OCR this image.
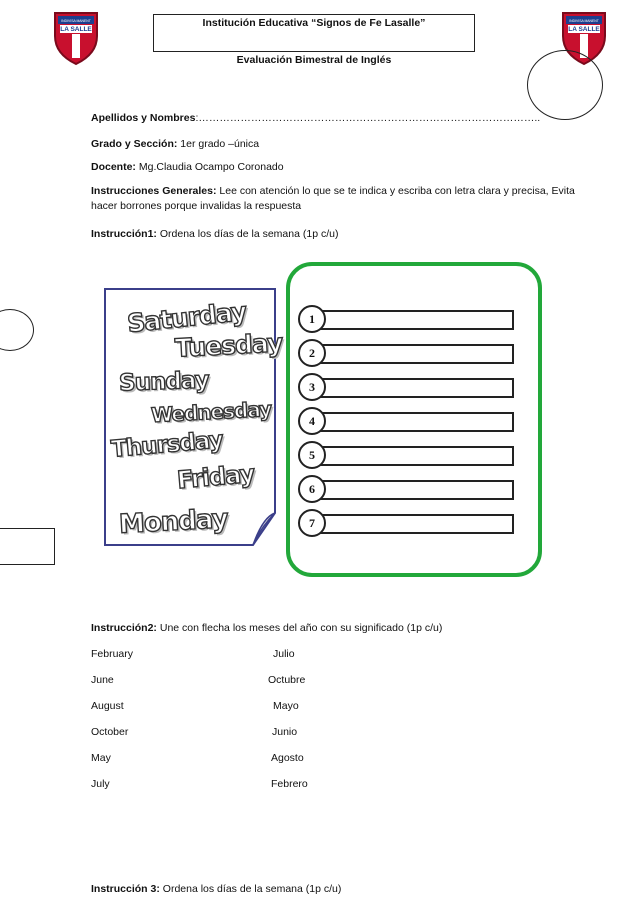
LA SALLE
INDIVISA MANENT	Institución Educativa “Signos de Fe Lasalle”
Evaluación Bimestral de Inglés
LA SALLE
INDIVISA MANENT
Apellidos y Nombres:……………………………………………………………………………………..
Grado y Sección: 1er grado –única
Docente: Mg.Claudia Ocampo Coronado
Instrucciones Generales: Lee con atención lo que se te indica y escriba con letra clara y precisa, Evita
hacer borrones porque invalidas la respuesta
Instrucción1: Ordena los días de la semana (1p c/u)
Saturday
Tuesday
Sunday
Wednesday
Thursday
Friday
Monday
1
2
3
4
5
6
7
Instrucción2: Une con flecha los meses del año con su significado (1p c/u)
February
June
August
October
May
July
Julio
Octubre
Mayo
Junio
Agosto
Febrero
Instrucción 3: Ordena los días de la semana (1p c/u)
